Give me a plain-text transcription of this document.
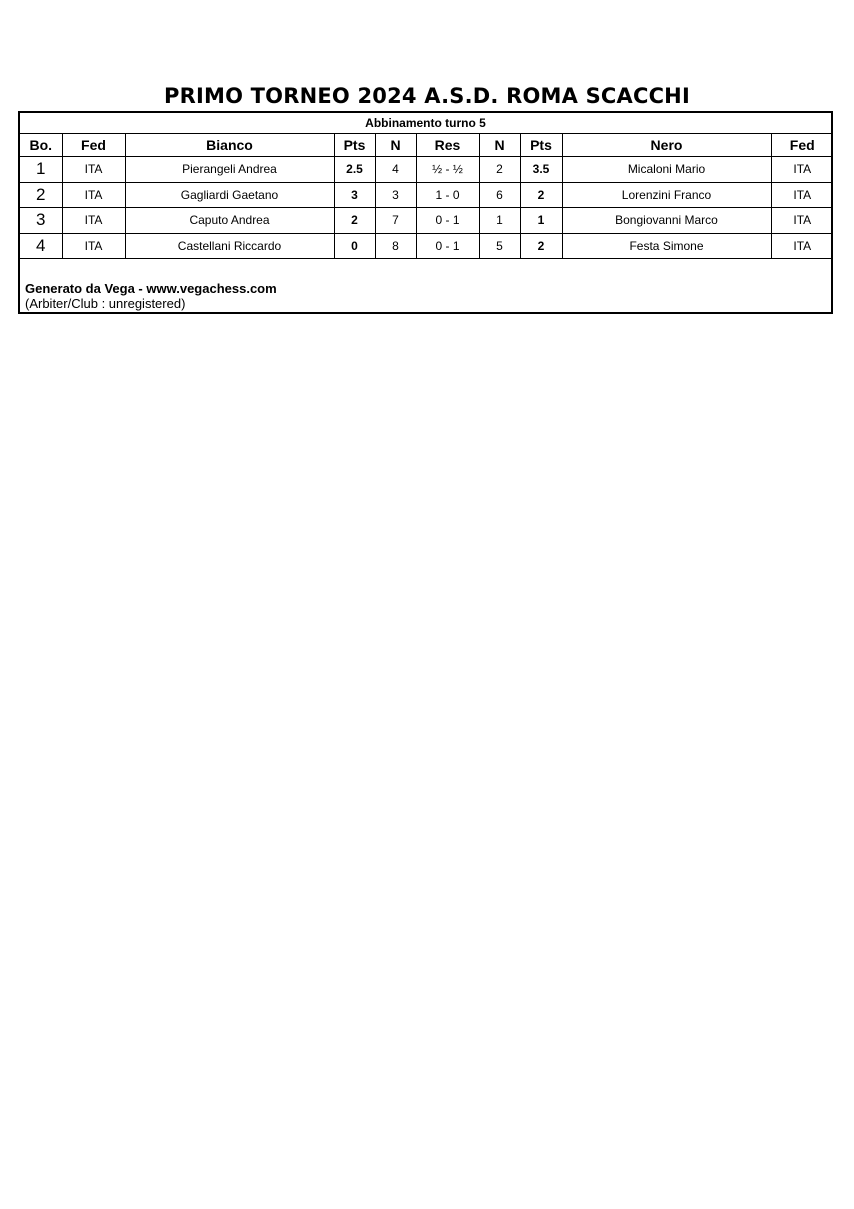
PRIMO TORNEO 2024 A.S.D. ROMA SCACCHI
Abbinamento turno 5
Bo.	Fed	Bianco	Pts	N	Res	N	Pts	Nero	Fed
1	ITA	Pierangeli Andrea	2.5	4	½ - ½	2	3.5	Micaloni Mario	ITA
2	ITA	Gagliardi Gaetano	3	3	1 - 0	6	2	Lorenzini Franco	ITA
3	ITA	Caputo Andrea	2	7	0 - 1	1	1	Bongiovanni Marco	ITA
4	ITA	Castellani Riccardo	0	8	0 - 1	5	2	Festa Simone	ITA
Generato da Vega - www.vegachess.com
(Arbiter/Club : unregistered)
